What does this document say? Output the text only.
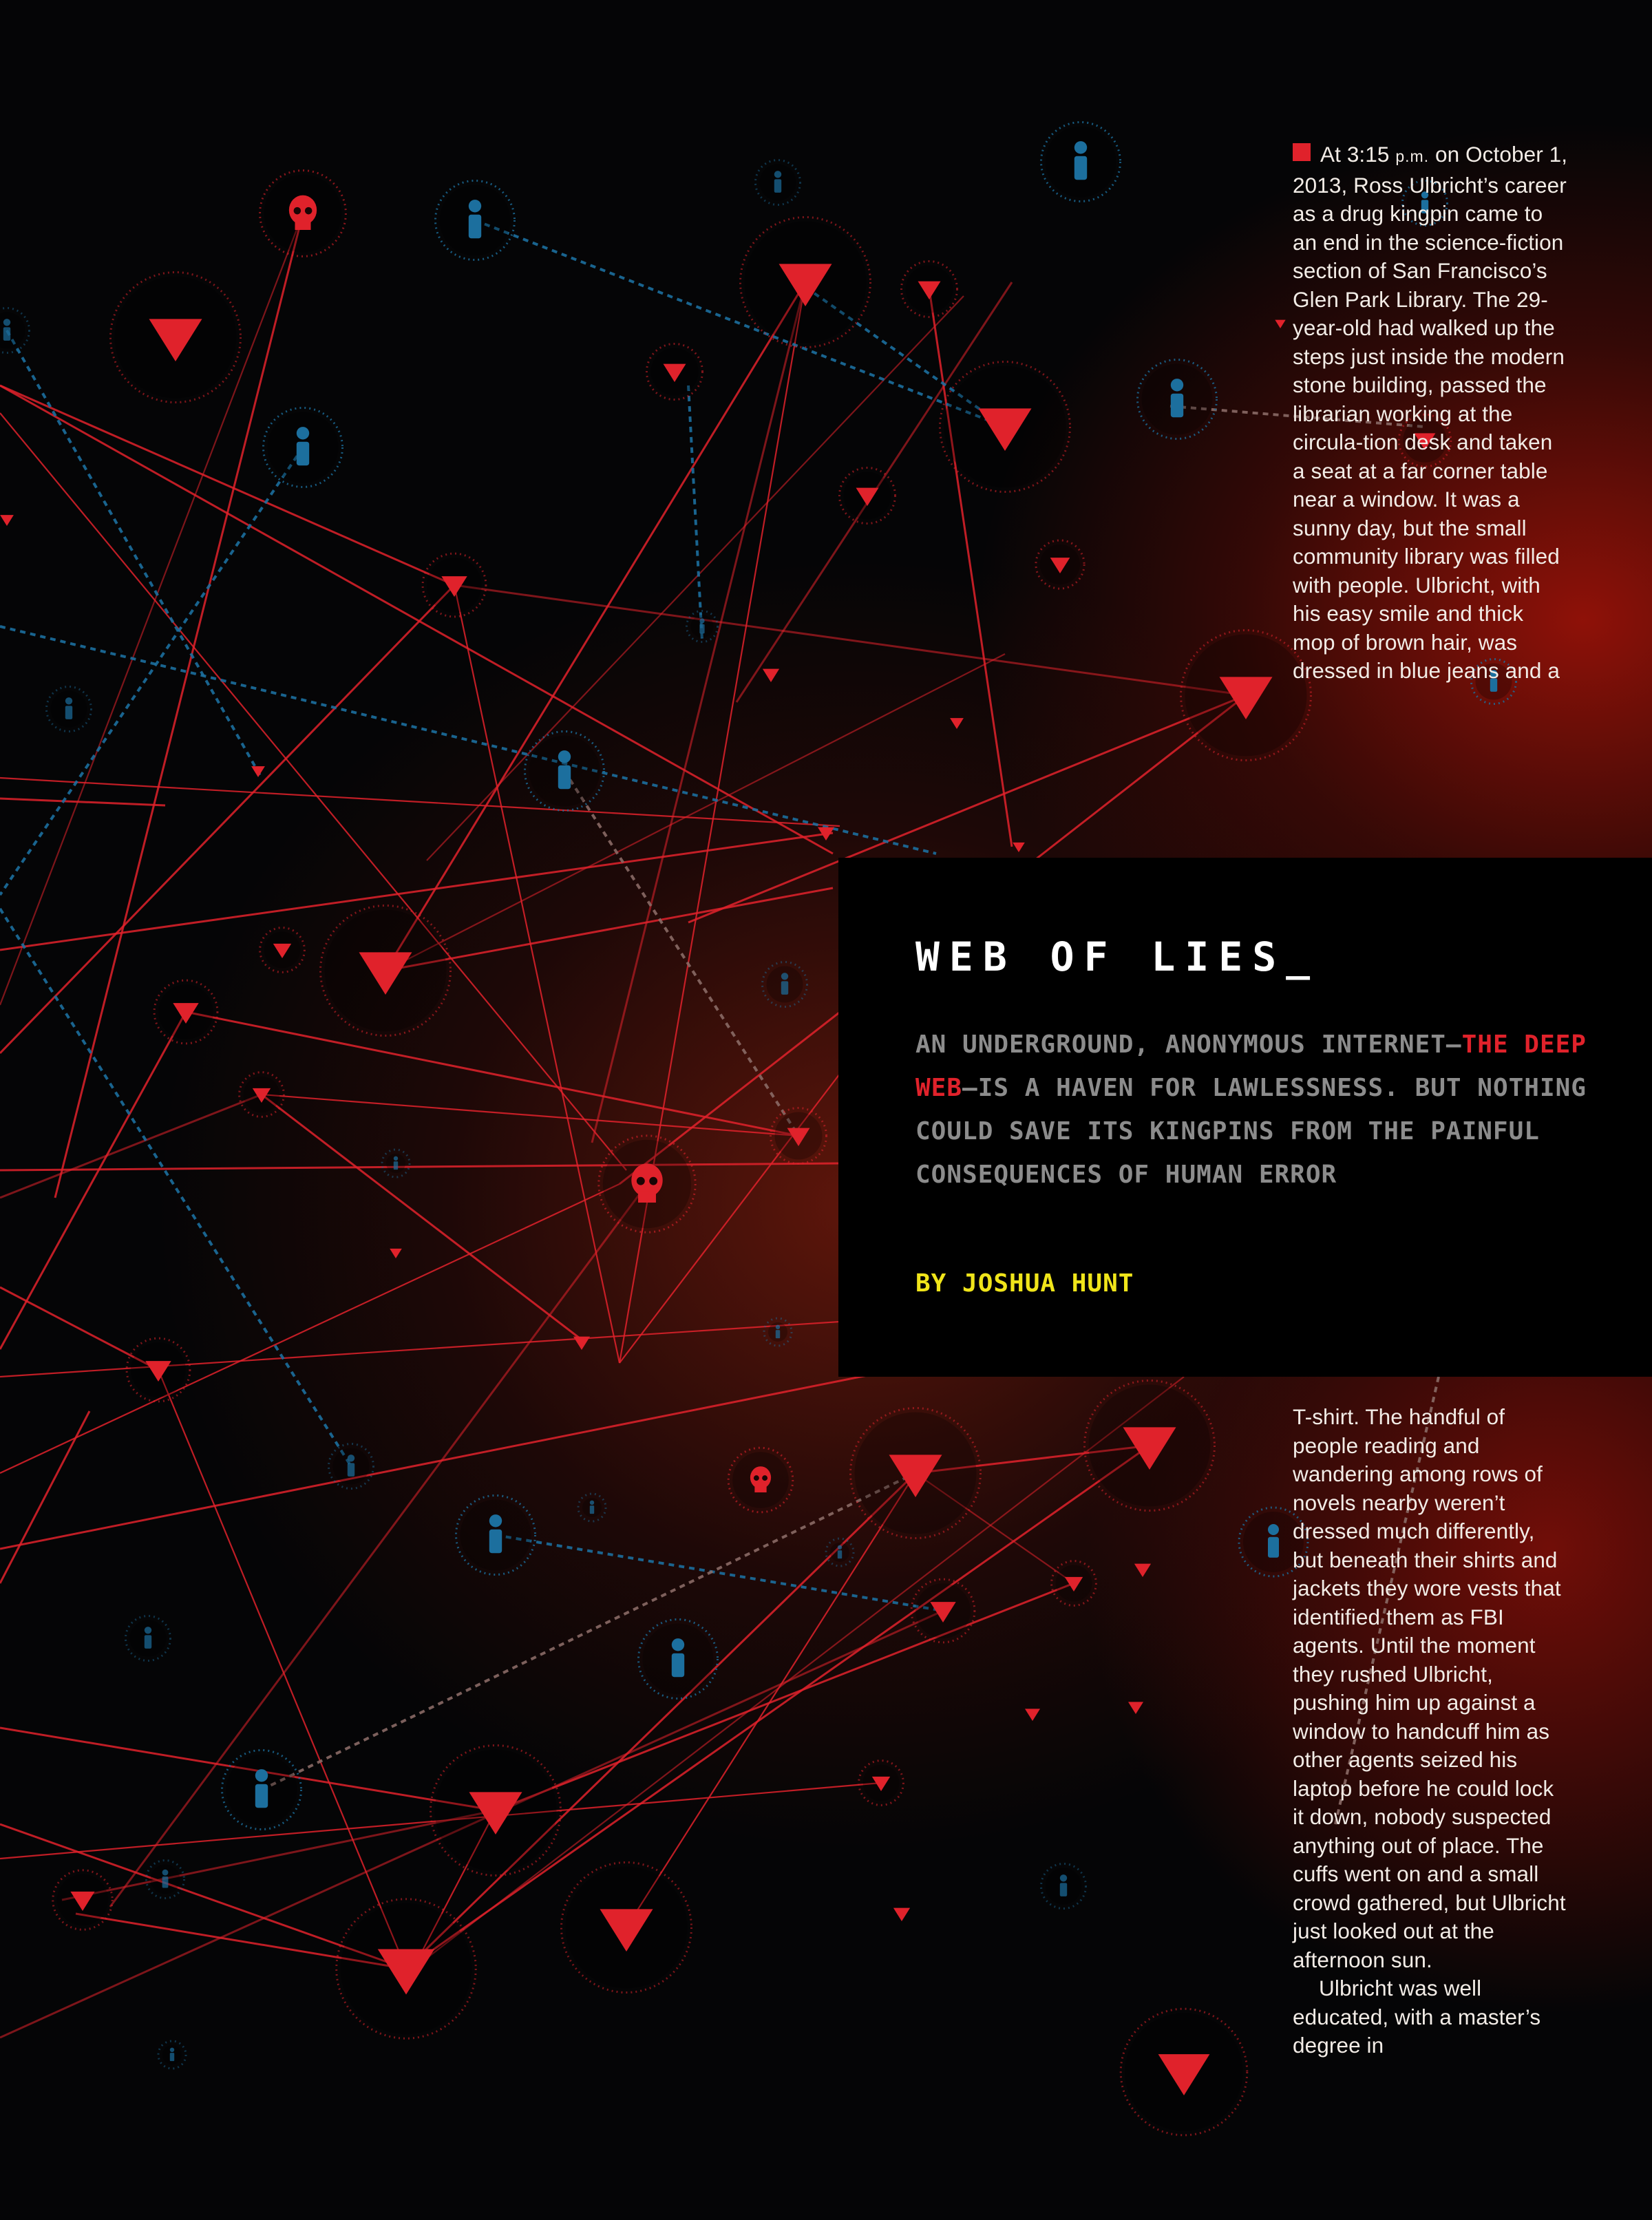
At 3:15 p.m. on October 1, 2013, Ross Ulbricht’s career as a drug kingpin came to an end in the science-fiction section of San Francisco’s Glen Park Library. The 29-year-old had walked up the steps just inside the modern stone building, passed the librarian working at the circula-tion desk and taken a seat at a far corner table near a window. It was a sunny day, but the small community library was filled with people. Ulbricht, with his easy smile and thick mop of brown hair, was dressed in blue jeans and a

WEB OF LIES_

AN UNDERGROUND, ANONYMOUS INTERNET—THE DEEP WEB—IS A HAVEN FOR LAWLESSNESS. BUT NOTHING COULD SAVE ITS KINGPINS FROM THE PAINFUL CONSEQUENCES OF HUMAN ERROR

BY JOSHUA HUNT

T-shirt. The handful of people reading and wandering among rows of novels nearby weren’t dressed much differently, but beneath their shirts and jackets they wore vests that identified them as FBI agents. Until the moment they rushed Ulbricht, pushing him up against a window to handcuff him as other agents seized his laptop before he could lock it down, nobody suspected anything out of place. The cuffs went on and a small crowd gathered, but Ulbricht just looked out at the afternoon sun.

Ulbricht was well educated, with a master’s degree in
